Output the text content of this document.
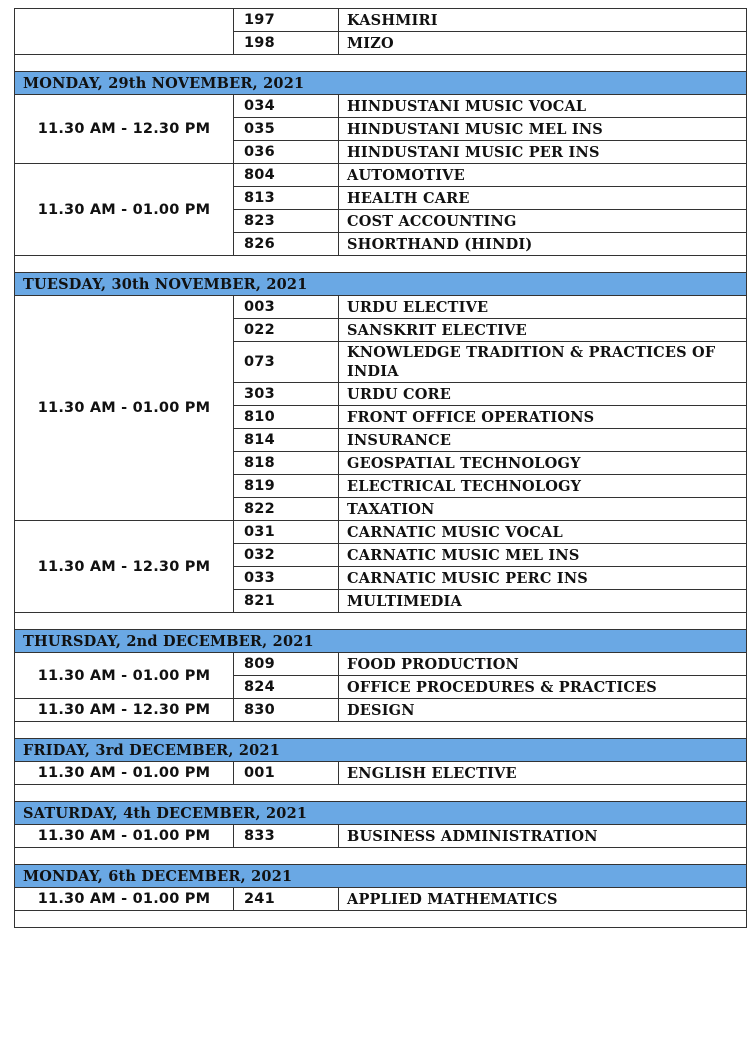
	197	KASHMIRI
	198	MIZO

MONDAY, 29th NOVEMBER, 2021		
11.30 AM - 12.30 PM	034	HINDUSTANI MUSIC VOCAL
	035	HINDUSTANI MUSIC MEL INS
	036	HINDUSTANI MUSIC PER INS
11.30 AM - 01.00 PM	804	AUTOMOTIVE
	813	HEALTH CARE
	823	COST ACCOUNTING
	826	SHORTHAND (HINDI)

TUESDAY, 30th NOVEMBER, 2021		
11.30 AM - 01.00 PM	003	URDU ELECTIVE
	022	SANSKRIT ELECTIVE
	073	KNOWLEDGE TRADITION & PRACTICES OF INDIA
	303	URDU CORE
	810	FRONT OFFICE OPERATIONS
	814	INSURANCE
	818	GEOSPATIAL TECHNOLOGY
	819	ELECTRICAL TECHNOLOGY
	822	TAXATION
11.30 AM - 12.30 PM	031	CARNATIC MUSIC VOCAL
	032	CARNATIC MUSIC MEL INS
	033	CARNATIC MUSIC PERC INS
	821	MULTIMEDIA

THURSDAY, 2nd DECEMBER, 2021		
11.30 AM - 01.00 PM	809	FOOD PRODUCTION
	824	OFFICE PROCEDURES & PRACTICES
11.30 AM - 12.30 PM	830	DESIGN

FRIDAY, 3rd DECEMBER, 2021		
11.30 AM - 01.00 PM	001	ENGLISH ELECTIVE

SATURDAY, 4th DECEMBER, 2021		
11.30 AM - 01.00 PM	833	BUSINESS ADMINISTRATION

MONDAY, 6th DECEMBER, 2021		
11.30 AM - 01.00 PM	241	APPLIED MATHEMATICS
